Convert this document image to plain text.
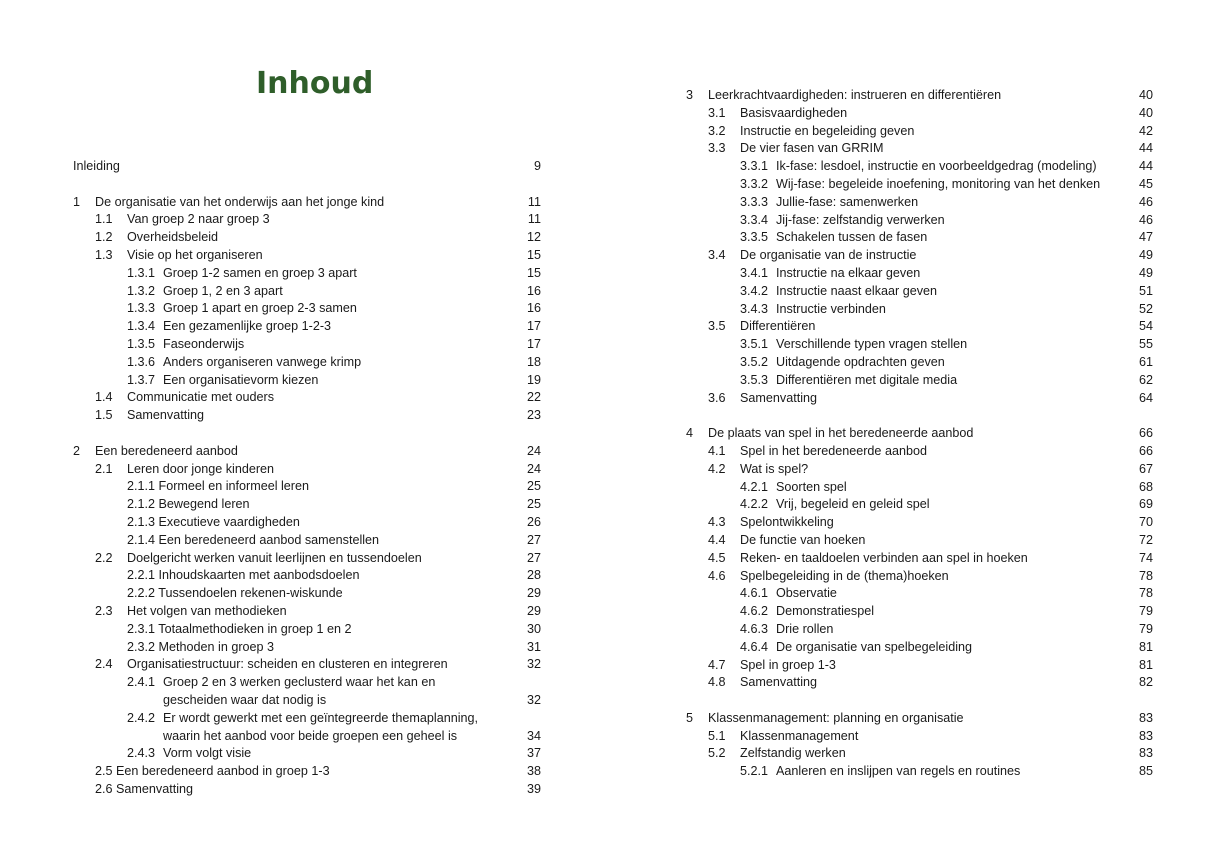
Inhoud
Inleiding	9
1 De organisatie van het onderwijs aan het jonge kind	11
1.1 Van groep 2 naar groep 3	11
1.2 Overheidsbeleid	12
1.3 Visie op het organiseren	15
1.3.1 Groep 1-2 samen en groep 3 apart	15
1.3.2 Groep 1, 2 en 3 apart	16
1.3.3 Groep 1 apart en groep 2-3 samen	16
1.3.4 Een gezamenlijke groep 1-2-3	17
1.3.5 Faseonderwijs	17
1.3.6 Anders organiseren vanwege krimp	18
1.3.7 Een organisatievorm kiezen	19
1.4 Communicatie met ouders	22
1.5 Samenvatting	23
2 Een beredeneerd aanbod	24
2.1 Leren door jonge kinderen	24
2.1.1 Formeel en informeel leren	25
2.1.2 Bewegend leren	25
2.1.3 Executieve vaardigheden	26
2.1.4 Een beredeneerd aanbod samenstellen	27
2.2 Doelgericht werken vanuit leerlijnen en tussendoelen	27
2.2.1 Inhoudskaarten met aanbodsdoelen	28
2.2.2 Tussendoelen rekenen-wiskunde	29
2.3 Het volgen van methodieken	29
2.3.1 Totaalmethodieken in groep 1 en 2	30
2.3.2 Methoden in groep 3	31
2.4 Organisatiestructuur: scheiden en clusteren en integreren	32
2.4.1 Groep 2 en 3 werken geclusterd waar het kan en
gescheiden waar dat nodig is	32
2.4.2 Er wordt gewerkt met een geïntegreerde themaplanning,
waarin het aanbod voor beide groepen een geheel is	34
2.4.3 Vorm volgt visie	37
2.5 Een beredeneerd aanbod in groep 1-3	38
2.6 Samenvatting	39
3 Leerkrachtvaardigheden: instrueren en differentiëren	40
3.1 Basisvaardigheden	40
3.2 Instructie en begeleiding geven	42
3.3 De vier fasen van GRRIM	44
3.3.1 Ik-fase: lesdoel, instructie en voorbeeldgedrag (modeling)	44
3.3.2 Wij-fase: begeleide inoefening, monitoring van het denken	45
3.3.3 Jullie-fase: samenwerken	46
3.3.4 Jij-fase: zelfstandig verwerken	46
3.3.5 Schakelen tussen de fasen	47
3.4 De organisatie van de instructie	49
3.4.1 Instructie na elkaar geven	49
3.4.2 Instructie naast elkaar geven	51
3.4.3 Instructie verbinden	52
3.5 Differentiëren	54
3.5.1 Verschillende typen vragen stellen	55
3.5.2 Uitdagende opdrachten geven	61
3.5.3 Differentiëren met digitale media	62
3.6 Samenvatting	64
4 De plaats van spel in het beredeneerde aanbod	66
4.1 Spel in het beredeneerde aanbod	66
4.2 Wat is spel?	67
4.2.1 Soorten spel	68
4.2.2 Vrij, begeleid en geleid spel	69
4.3 Spelontwikkeling	70
4.4 De functie van hoeken	72
4.5 Reken- en taaldoelen verbinden aan spel in hoeken	74
4.6 Spelbegeleiding in de (thema)hoeken	78
4.6.1 Observatie	78
4.6.2 Demonstratiespel	79
4.6.3 Drie rollen	79
4.6.4 De organisatie van spelbegeleiding	81
4.7 Spel in groep 1-3	81
4.8 Samenvatting	82
5 Klassenmanagement: planning en organisatie	83
5.1 Klassenmanagement	83
5.2 Zelfstandig werken	83
5.2.1 Aanleren en inslijpen van regels en routines	85
